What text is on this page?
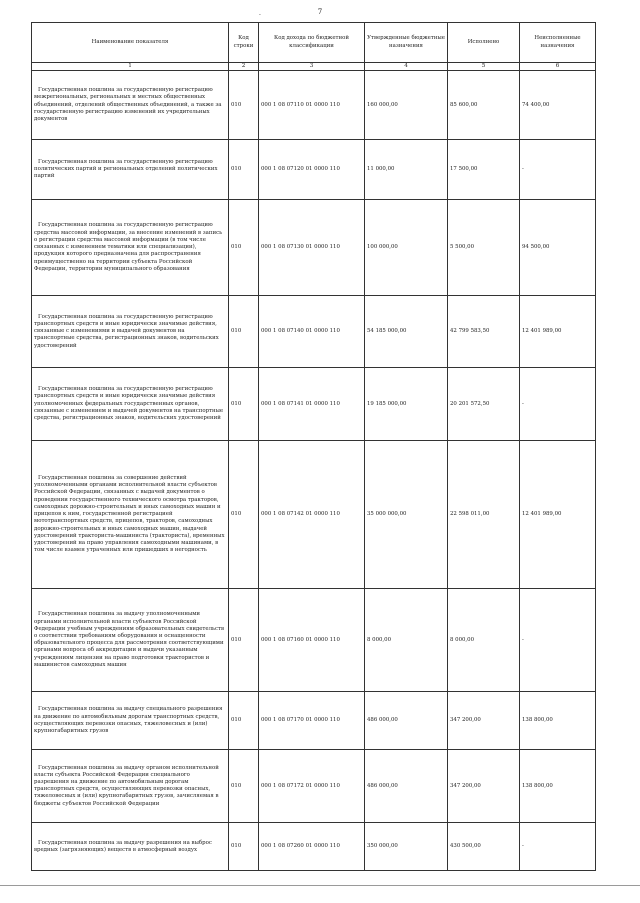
7
.
Наименование показателя	Код строки	Код дохода по бюджетной классификации	Утвержденные бюджетные назначения	Исполнено	Неисполненные назначения
1	2	3	4	5	6

Государственная пошлина за государственную регистрацию межрегиональных, региональных и местных общественных объединений, отделений общественных объединений, а также за государственную регистрацию изменений их учредительных документов	010	000 1 08 07110 01 0000 110	160 000,00	85 600,00	74 400,00

Государственная пошлина за государственную регистрацию политических партий и региональных отделений политических партий	010	000 1 08 07120 01 0000 110	11 000,00	17 500,00	-

Государственная пошлина за государственную регистрацию средства массовой информации, за внесение изменений в запись о регистрации средства массовой информации (в том числе связанных с изменением тематики или специализации), продукция которого предназначена для распространения преимущественно на территории субъекта Российской Федерации, территории муниципального образования	010	000 1 08 07130 01 0000 110	100 000,00	5 500,00	94 500,00

Государственная пошлина за государственную регистрацию транспортных средств и иные юридически значимые действия, связанные с изменениями и выдачей документов на транспортные средства, регистрационных знаков, водительских удостоверений	010	000 1 08 07140 01 0000 110	54 185 000,00	42 799 583,50	12 401 989,00

Государственная пошлина за государственную регистрацию транспортных средств и иные юридически значимые действия уполномоченных федеральных государственных органов, связанные с изменением и выдачей документов на транспортные средства, регистрационных знаков, водительских удостоверений	010	000 1 08 07141 01 0000 110	19 185 000,00	20 201 572,50	-

Государственная пошлина за совершение действий уполномоченными органами исполнительной власти субъектов Российской Федерации, связанных с выдачей документов о проведении государственного технического осмотра тракторов, самоходных дорожно-строительных и иных самоходных машин и прицепов к ним, государственной регистрацией мототранспортных средств, прицепов, тракторов, самоходных дорожно-строительных и иных самоходных машин, выдачей удостоверений тракториста-машиниста (тракториста), временных удостоверений на право управления самоходными машинами, в том числе взамен утраченных или пришедших в негодность	010	000 1 08 07142 01 0000 110	35 000 000,00	22 598 011,00	12 401 989,00

Государственная пошлина за выдачу уполномоченными органами исполнительной власти субъектов Российской Федерации учебным учреждениям образовательных свидетельств о соответствии требованиям оборудования и оснащенности образовательного процесса для рассмотрения соответствующими органами вопроса об аккредитации и выдачи указанным учреждениям лицензии на право подготовки трактористов и машинистов самоходных машин	010	000 1 08 07160 01 0000 110	8 000,00	8 000,00	-

Государственная пошлина за выдачу специального разрешения на движение по автомобильным дорогам транспортных средств, осуществляющих перевозки опасных, тяжеловесных и (или) крупногабаритных грузов	010	000 1 08 07170 01 0000 110	486 000,00	347 200,00	138 800,00

Государственная пошлина за выдачу органом исполнительной власти субъекта Российской Федерации специального разрешения на движение по автомобильным дорогам транспортных средств, осуществляющих перевозки опасных, тяжеловесных и (или) крупногабаритных грузов, зачисляемая в бюджеты субъектов Российской Федерации	010	000 1 08 07172 01 0000 110	486 000,00	347 200,00	138 800,00

Государственная пошлина за выдачу разрешения на выброс вредных (загрязняющих) веществ в атмосферный воздух	010	000 1 08 07260 01 0000 110	350 000,00	430 500,00	-
